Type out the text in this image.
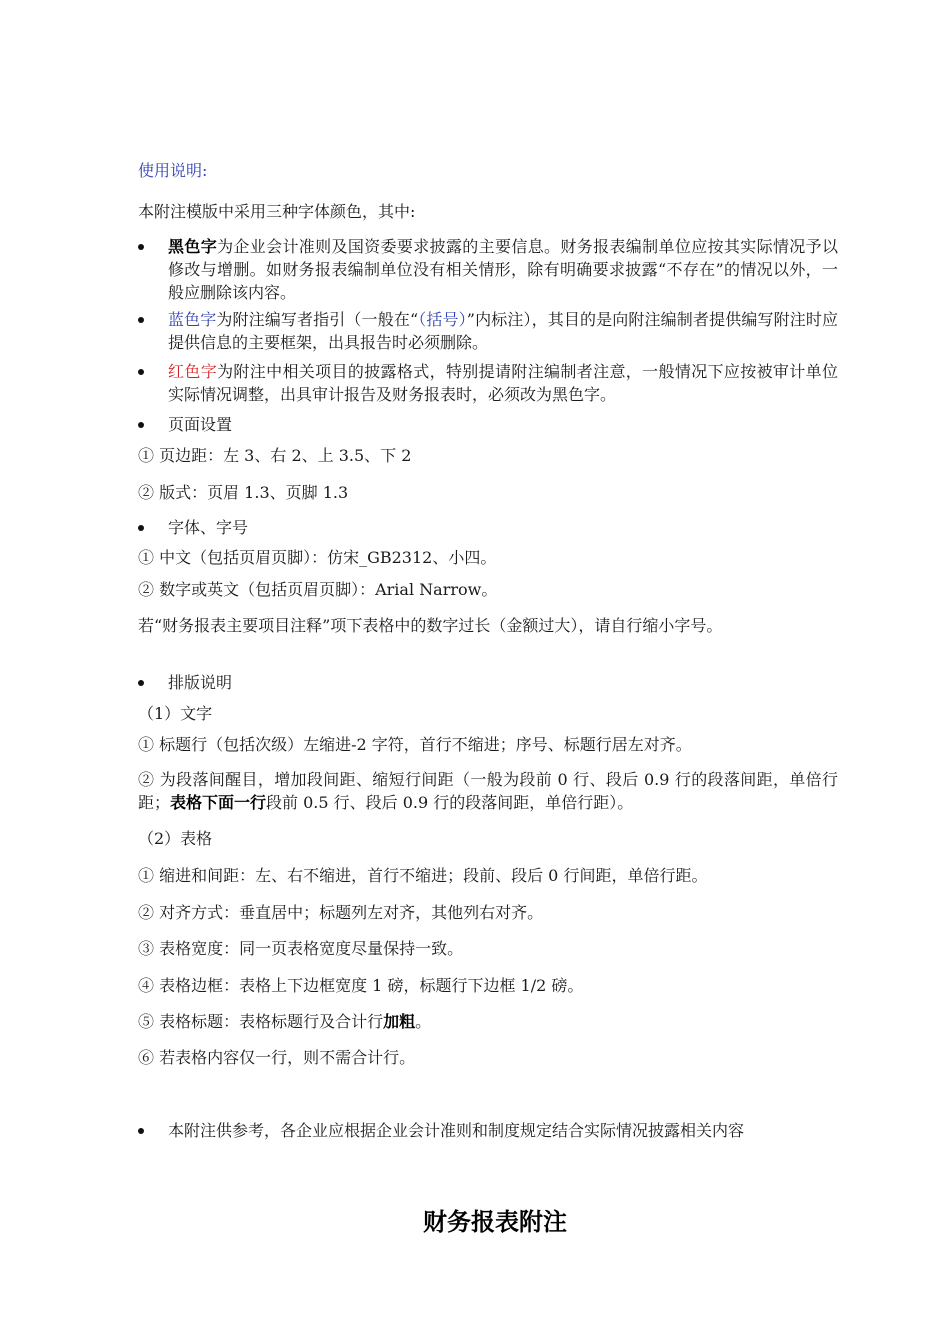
使用说明:
本附注模版中采用三种字体颜色，其中:
黑色字为企业会计准则及国资委要求披露的主要信息。财务报表编制单位应按其实际情况予以修改与增删。如财务报表编制单位没有相关情形，除有明确要求披露“不存在”的情况以外，一般应删除该内容。
蓝色字为附注编写者指引（一般在“（括号）”内标注），其目的是向附注编制者提供编写附注时应提供信息的主要框架，出具报告时必须删除。
红色字为附注中相关项目的披露格式，特别提请附注编制者注意，一般情况下应按被审计单位实际情况调整，出具审计报告及财务报表时，必须改为黑色字。
页面设置
① 页边距：左 3、右 2、上 3.5、下 2
② 版式：页眉 1.3、页脚 1.3
字体、字号
① 中文（包括页眉页脚）：仿宋_GB2312、小四。
② 数字或英文（包括页眉页脚）：Arial Narrow。
若“财务报表主要项目注释”项下表格中的数字过长（金额过大），请自行缩小字号。
排版说明
（1）文字
① 标题行（包括次级）左缩进-2 字符，首行不缩进；序号、标题行居左对齐。
② 为段落间醒目，增加段间距、缩短行间距（一般为段前 0 行、段后 0.9 行的段落间距，单倍行距；表格下面一行段前 0.5 行、段后 0.9 行的段落间距，单倍行距）。
（2）表格
① 缩进和间距：左、右不缩进，首行不缩进；段前、段后 0 行间距，单倍行距。
② 对齐方式：垂直居中；标题列左对齐，其他列右对齐。
③ 表格宽度：同一页表格宽度尽量保持一致。
④ 表格边框：表格上下边框宽度 1 磅，标题行下边框 1/2 磅。
⑤ 表格标题：表格标题行及合计行加粗。
⑥ 若表格内容仅一行，则不需合计行。
本附注供参考，各企业应根据企业会计准则和制度规定结合实际情况披露相关内容
财务报表附注
